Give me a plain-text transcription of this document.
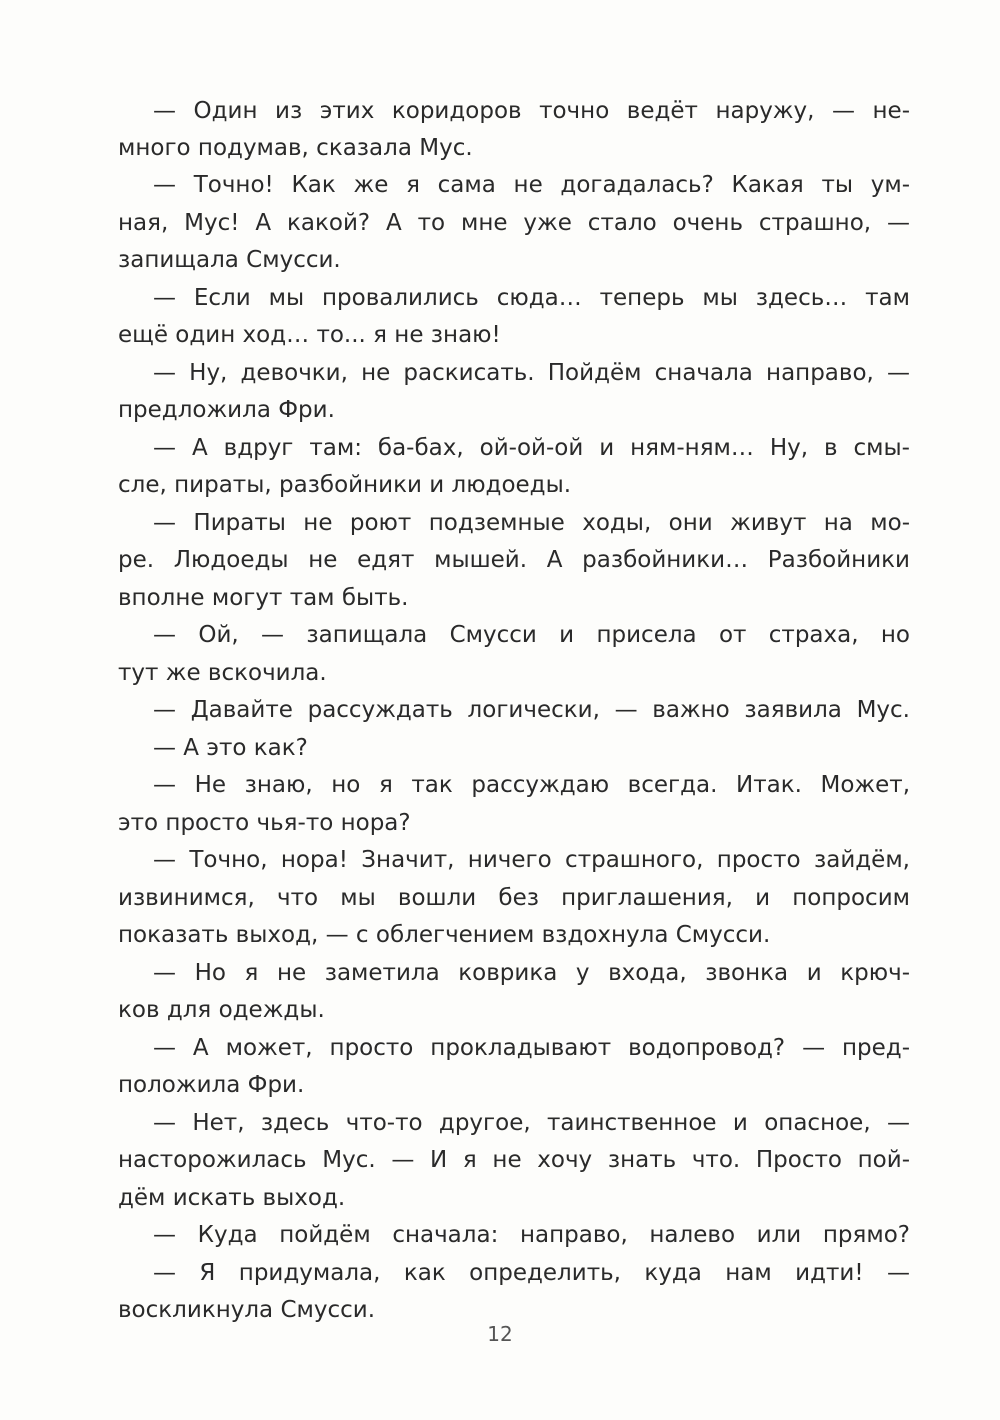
— Один из этих коридоров точно ведёт наружу, — не-
много подумав, сказала Мус.
— Точно! Как же я сама не догадалась? Какая ты ум-
ная, Мус! А какой? А то мне уже стало очень страшно, —
запищала Смусси.
— Если мы провалились сюда… теперь мы здесь… там
ещё один ход… то... я не знаю!
— Ну, девочки, не раскисать. Пойдём сначала направо, —
предложила Фри.
— А вдруг там: ба-бах, ой-ой-ой и ням-ням… Ну, в смы-
сле, пираты, разбойники и людоеды.
— Пираты не роют подземные ходы, они живут на мо-
ре. Людоеды не едят мышей. А разбойники… Разбойники
вполне могут там быть.
— Ой, — запищала Смусси и присела от страха, но
тут же вскочила.
— Давайте рассуждать логически, — важно заявила Мус.
— А это как?
— Не знаю, но я так рассуждаю всегда. Итак. Может,
это просто чья-то нора?
— Точно, нора! Значит, ничего страшного, просто зайдём,
извинимся, что мы вошли без приглашения, и попросим
показать выход, — с облегчением вздохнула Смусси.
— Но я не заметила коврика у входа, звонка и крюч-
ков для одежды.
— А может, просто прокладывают водопровод? — пред-
положила Фри.
— Нет, здесь что-то другое, таинственное и опасное, —
насторожилась Мус. — И я не хочу знать что. Просто пой-
дём искать выход.
— Куда пойдём сначала: направо, налево или прямо?
— Я придумала, как определить, куда нам идти! —
воскликнула Смусси.
12
